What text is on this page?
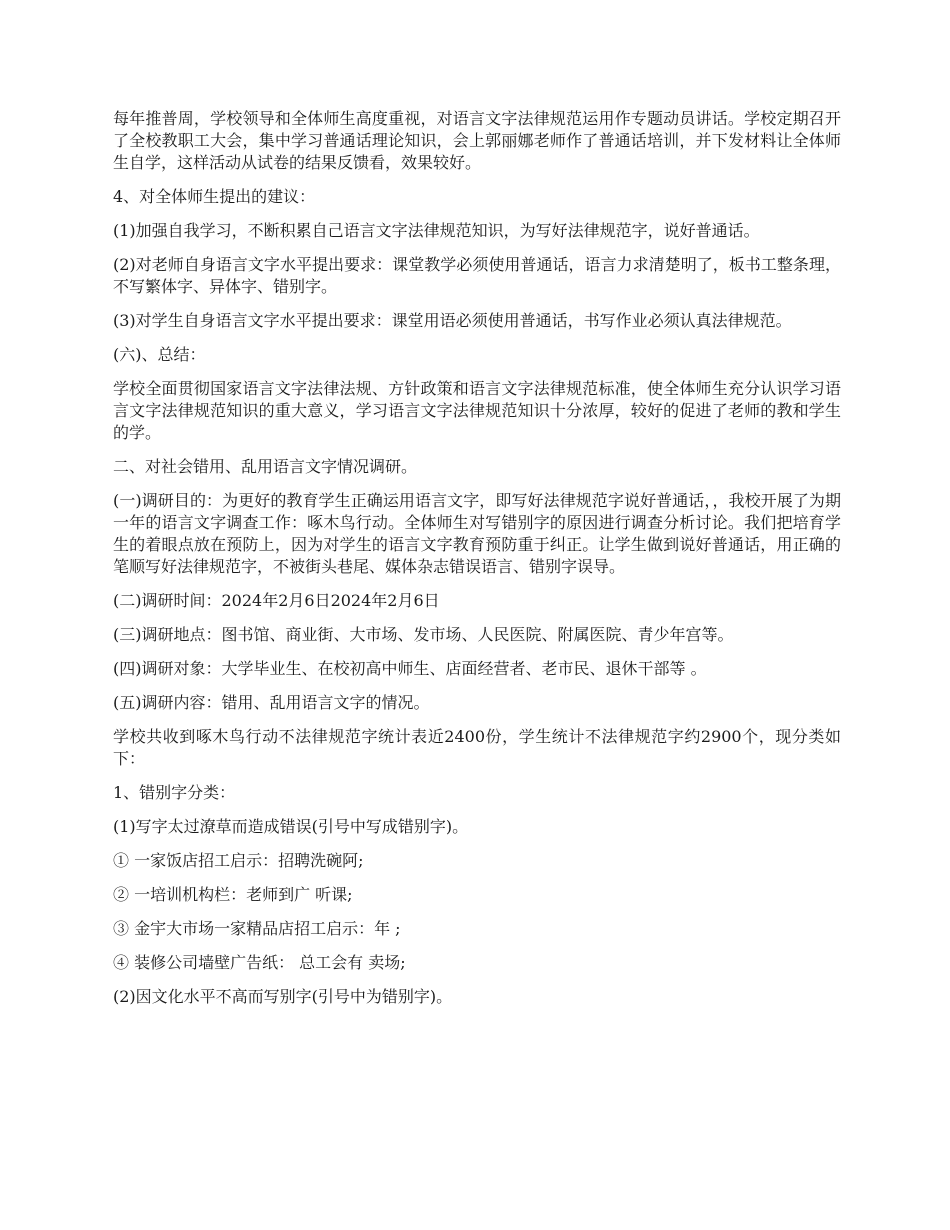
每年推普周，学校领导和全体师生高度重视，对语言文字法律规范运用作专题动员讲话。学校定期召开了全校教职工大会，集中学习普通话理论知识，会上郭丽娜老师作了普通话培训，并下发材料让全体师生自学，这样活动从试卷的结果反馈看，效果较好。

4、对全体师生提出的建议：

(1)加强自我学习，不断积累自己语言文字法律规范知识，为写好法律规范字，说好普通话。

(2)对老师自身语言文字水平提出要求：课堂教学必须使用普通话，语言力求清楚明了，板书工整条理，不写繁体字、异体字、错别字。

(3)对学生自身语言文字水平提出要求：课堂用语必须使用普通话，书写作业必须认真法律规范。

(六)、总结：

学校全面贯彻国家语言文字法律法规、方针政策和语言文字法律规范标准，使全体师生充分认识学习语言文字法律规范知识的重大意义，学习语言文字法律规范知识十分浓厚，较好的促进了老师的教和学生的学。

二、对社会错用、乱用语言文字情况调研。

(一)调研目的：为更好的教育学生正确运用语言文字，即写好法律规范字说好普通话，，我校开展了为期一年的语言文字调查工作：啄木鸟行动。全体师生对写错别字的原因进行调查分析讨论。我们把培育学生的着眼点放在预防上，因为对学生的语言文字教育预防重于纠正。让学生做到说好普通话，用正确的笔顺写好法律规范字，不被街头巷尾、媒体杂志错误语言、错别字误导。

(二)调研时间：2024年2月6日2024年2月6日

(三)调研地点：图书馆、商业街、大市场、发市场、人民医院、附属医院、青少年宫等。

(四)调研对象：大学毕业生、在校初高中师生、店面经营者、老市民、退休干部等 。

(五)调研内容：错用、乱用语言文字的情况。

学校共收到啄木鸟行动不法律规范字统计表近2400份，学生统计不法律规范字约2900个，现分类如下：

1、错别字分类：

(1)写字太过潦草而造成错误(引号中写成错别字)。

① 一家饭店招工启示：招聘洗碗阿;

② 一培训机构栏：老师到广 听课;

③ 金宇大市场一家精品店招工启示：年 ;

④ 装修公司墙壁广告纸： 总工会有 卖场;

(2)因文化水平不高而写别字(引号中为错别字)。
